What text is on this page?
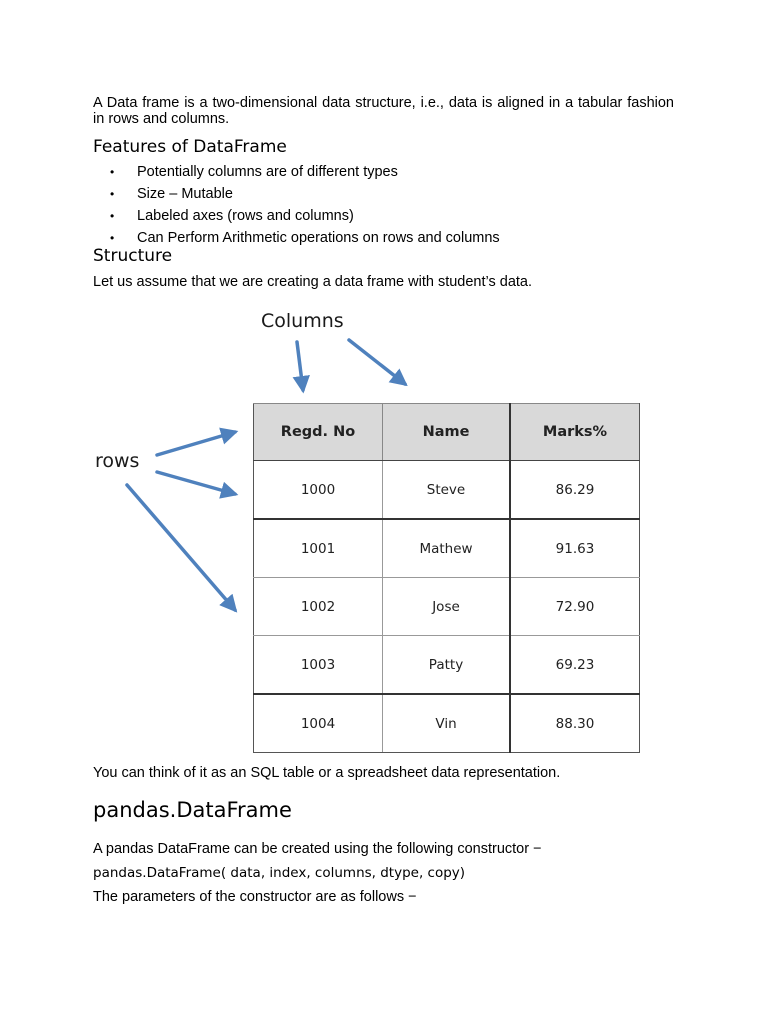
A Data frame is a two-dimensional data structure, i.e., data is aligned in a tabular fashion in rows and columns.
Features of DataFrame
• Potentially columns are of different types
• Size – Mutable
• Labeled axes (rows and columns)
• Can Perform Arithmetic operations on rows and columns
Structure
Let us assume that we are creating a data frame with student’s data.
Columns
rows
Regd. No	Name	Marks%
1000	Steve	86.29
1001	Mathew	91.63
1002	Jose	72.90
1003	Patty	69.23
1004	Vin	88.30
You can think of it as an SQL table or a spreadsheet data representation.
pandas.DataFrame
A pandas DataFrame can be created using the following constructor −
pandas.DataFrame( data, index, columns, dtype, copy)
The parameters of the constructor are as follows −
